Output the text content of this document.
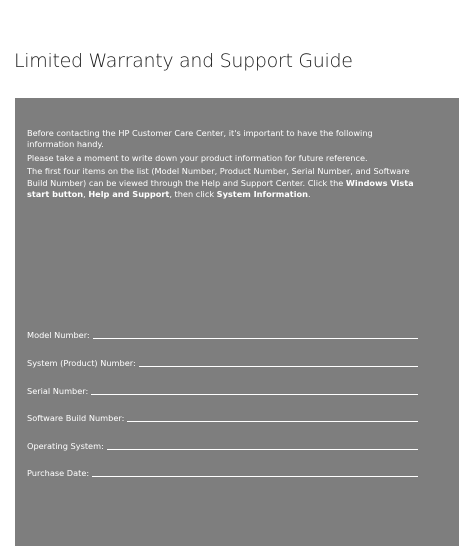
Limited Warranty and Support Guide

Before contacting the HP Customer Care Center, it's important to have the following information handy.

Please take a moment to write down your product information for future reference.

The first four items on the list (Model Number, Product Number, Serial Number, and Software Build Number) can be viewed through the Help and Support Center. Click the Windows Vista start button, Help and Support, then click System Information.

Model Number:
System (Product) Number:
Serial Number:
Software Build Number:
Operating System:
Purchase Date:
